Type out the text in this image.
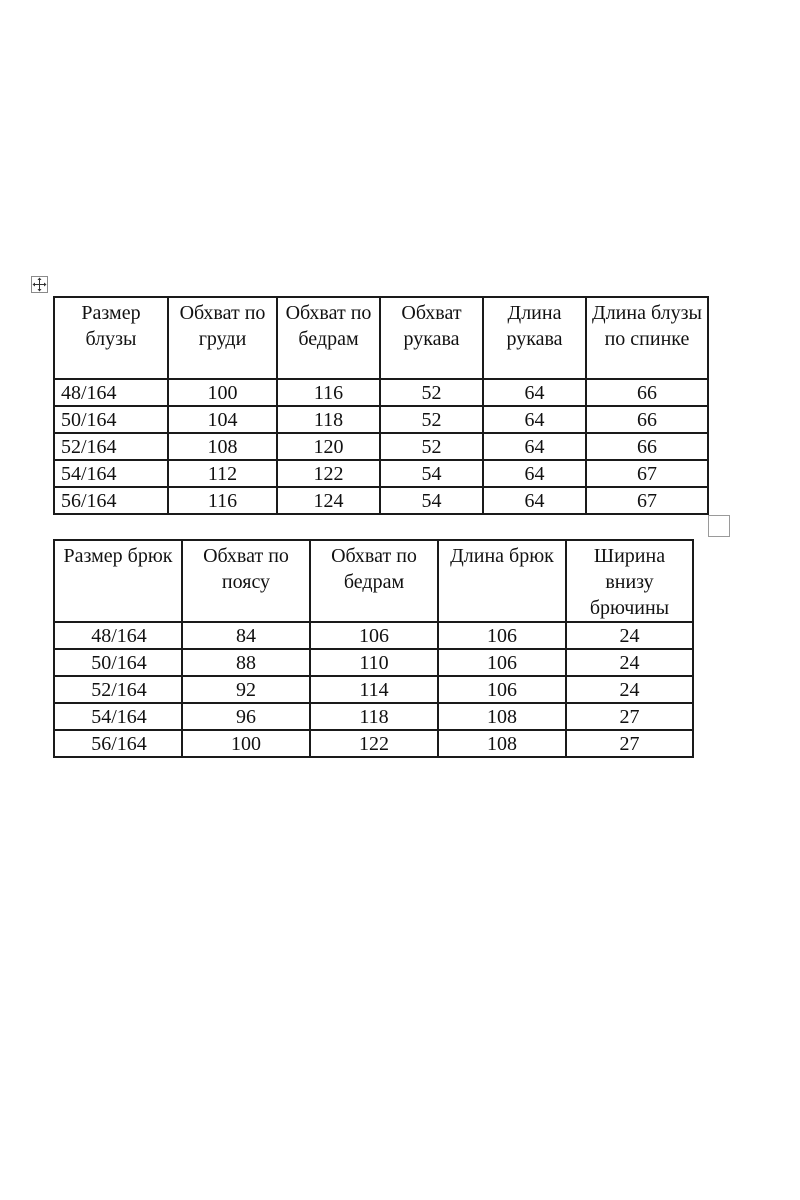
Размер блузы	Обхват по груди	Обхват по бедрам	Обхват рукава	Длина рукава	Длина блузы по спинке
48/164	100	116	52	64	66
50/164	104	118	52	64	66
52/164	108	120	52	64	66
54/164	112	122	54	64	67
56/164	116	124	54	64	67
Размер брюк	Обхват по поясу	Обхват по бедрам	Длина брюк	Ширина внизу брючины
48/164	84	106	106	24
50/164	88	110	106	24
52/164	92	114	106	24
54/164	96	118	108	27
56/164	100	122	108	27
